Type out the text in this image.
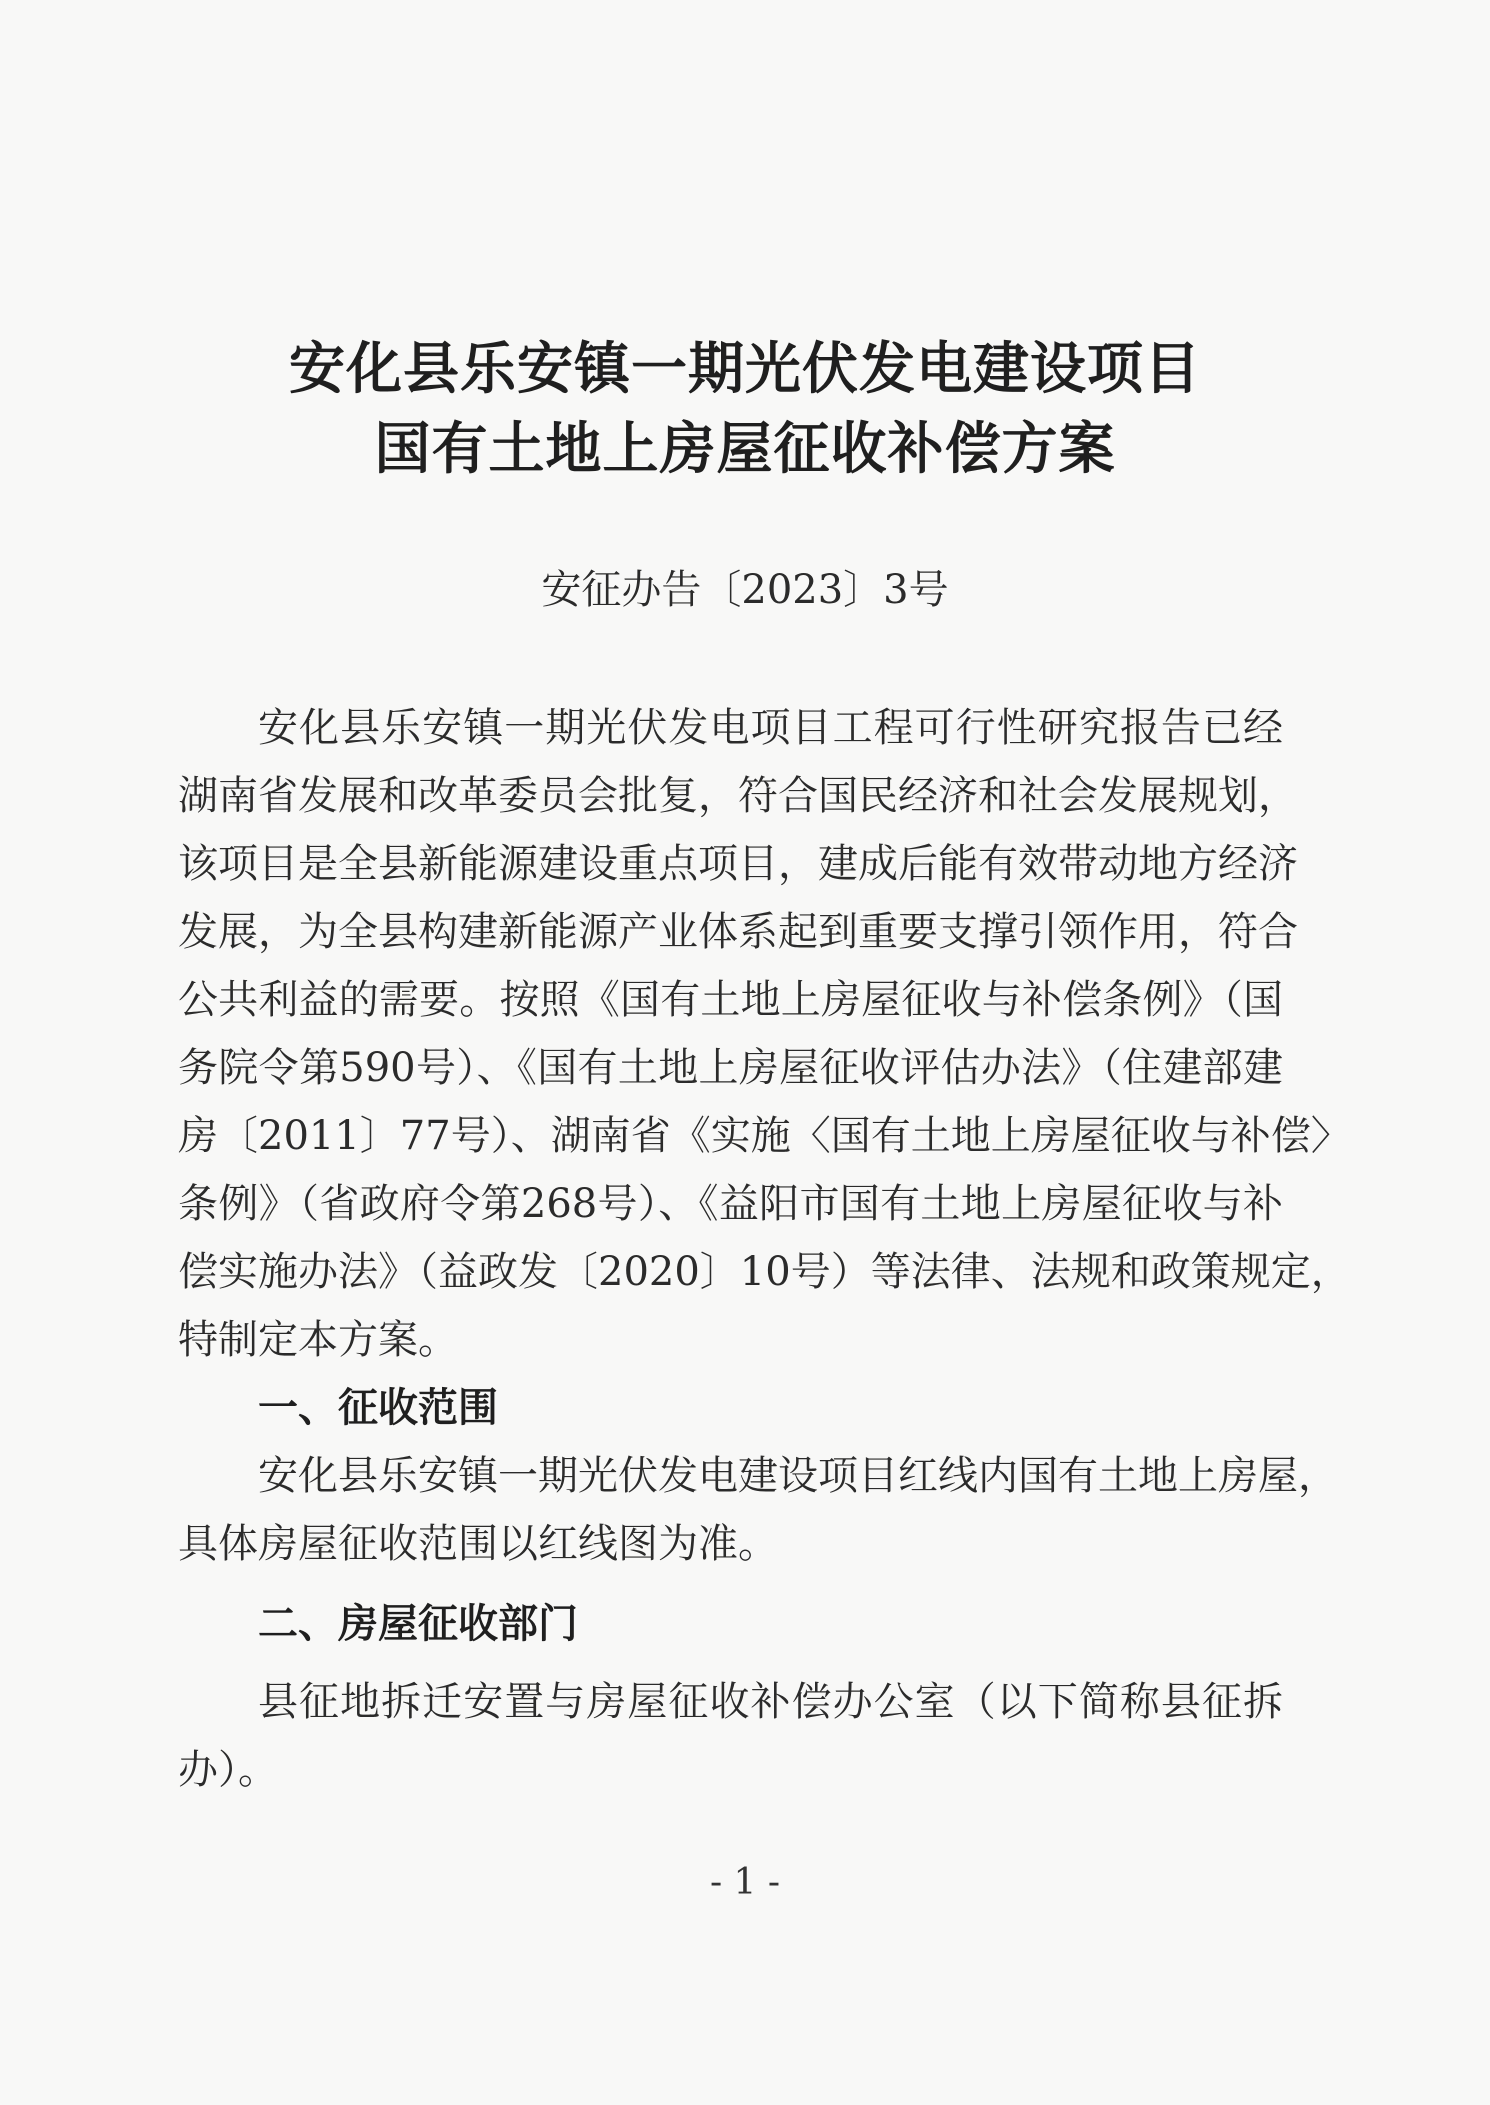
安化县乐安镇一期光伏发电建设项目
国有土地上房屋征收补偿方案
安征办告〔2023〕3号
安化县乐安镇一期光伏发电项目工程可行性研究报告已经
湖南省发展和改革委员会批复，符合国民经济和社会发展规划，
该项目是全县新能源建设重点项目，建成后能有效带动地方经济
发展，为全县构建新能源产业体系起到重要支撑引领作用，符合
公共利益的需要。按照《国有土地上房屋征收与补偿条例》（国
务院令第590号）、《国有土地上房屋征收评估办法》（住建部建
房〔2011〕77号）、湖南省《实施〈国有土地上房屋征收与补偿〉
条例》（省政府令第268号）、《益阳市国有土地上房屋征收与补
偿实施办法》（益政发〔2020〕10号）等法律、法规和政策规定，
特制定本方案。
一、征收范围
安化县乐安镇一期光伏发电建设项目红线内国有土地上房屋，
具体房屋征收范围以红线图为准。
二、房屋征收部门
县征地拆迁安置与房屋征收补偿办公室（以下简称县征拆
办）。
- 1 -
